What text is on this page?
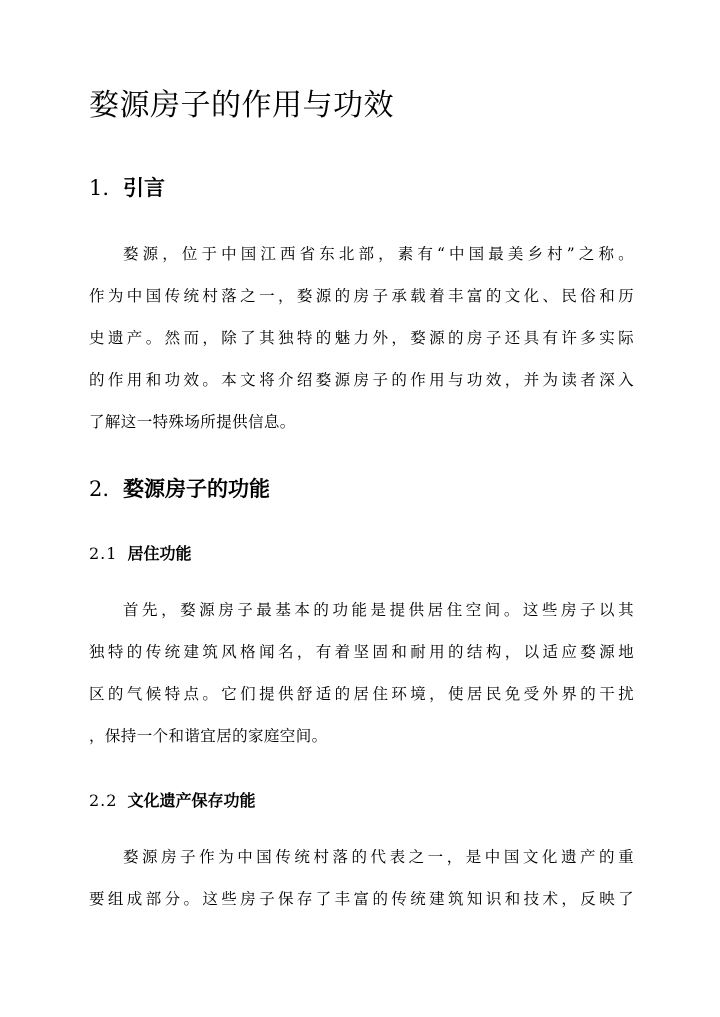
婺源房子的作用与功效
1. 引言
婺源，位于中国江西省东北部，素有“中国最美乡村”之称。
作为中国传统村落之一，婺源的房子承载着丰富的文化、民俗和历
史遗产。然而，除了其独特的魅力外，婺源的房子还具有许多实际
的作用和功效。本文将介绍婺源房子的作用与功效，并为读者深入
了解这一特殊场所提供信息。
2. 婺源房子的功能
2.1 居住功能
首先，婺源房子最基本的功能是提供居住空间。这些房子以其
独特的传统建筑风格闻名，有着坚固和耐用的结构，以适应婺源地
区的气候特点。它们提供舒适的居住环境，使居民免受外界的干扰
，保持一个和谐宜居的家庭空间。
2.2 文化遗产保存功能
婺源房子作为中国传统村落的代表之一，是中国文化遗产的重
要组成部分。这些房子保存了丰富的传统建筑知识和技术，反映了
